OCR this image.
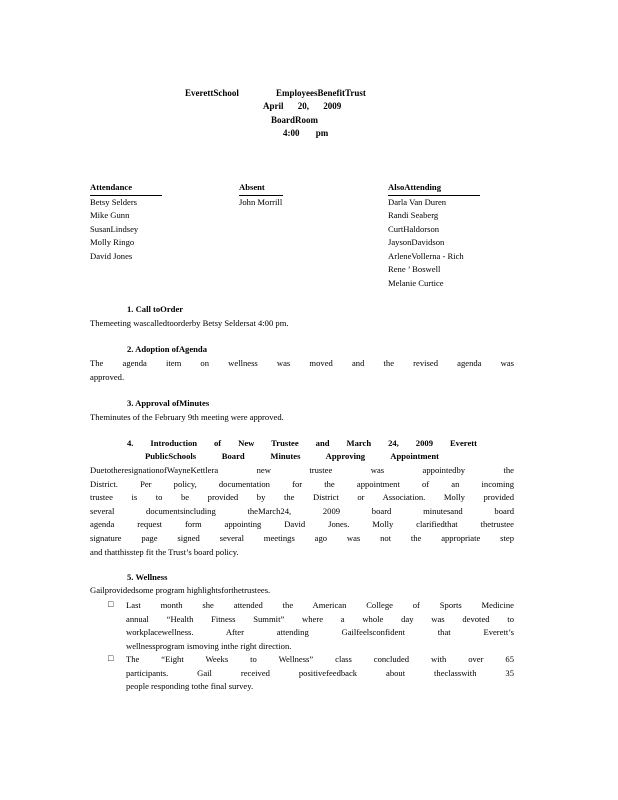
EverettSchool	EmployeesBenefitTrust
April 20, 2009
BoardRoom
4:00 pm
Attendance
Betsy Selders
Mike Gunn
SusanLindsey
Molly Ringo
David Jones
Absent
John Morrill
AlsoAttending
Darla Van Duren
Randi Seaberg
CurtHaldorson
JaysonDavidson
ArleneVollerna - Rich
Rene ’ Boswell
Melanie Curtice
1. Call toOrder
Themeeting wascalledtoorderby Betsy Seldersat 4:00 pm.
2. Adoption ofAgenda
The agenda item on wellness was moved and the revised agenda was
approved.
3. Approval ofMinutes
Theminutes of the February 9th meeting were approved.
4. Introduction of New Trustee and March 24, 2009 Everett
PublicSchools Board Minutes Approving Appointment
DuetotheresignationofWayneKettlera new trustee was appointedby the
District. Per policy, documentation for the appointment of an incoming
trustee is to be provided by the District or Association. Molly provided
several documentsincluding theMarch24, 2009 board minutesand board
agenda request form appointing David Jones. Molly clarifiedthat thetrustee
signature page signed several meetings ago was not the appropriate step
and thatthisstep fit the Trust’s board policy.
5. Wellness
Gailprovidedsome program highlightsforthetrustees.
□ Last month she attended the American College of Sports Medicine
annual “Health Fitness Summit” where a whole day was devoted to
workplacewellness. After attending Gailfeelsconfident that Everett’s
wellnessprogram ismoving inthe right direction.
□ The “Eight Weeks to Wellness” class concluded with over 65
participants. Gail received positivefeedback about theclasswith 35
people responding tothe final survey.
